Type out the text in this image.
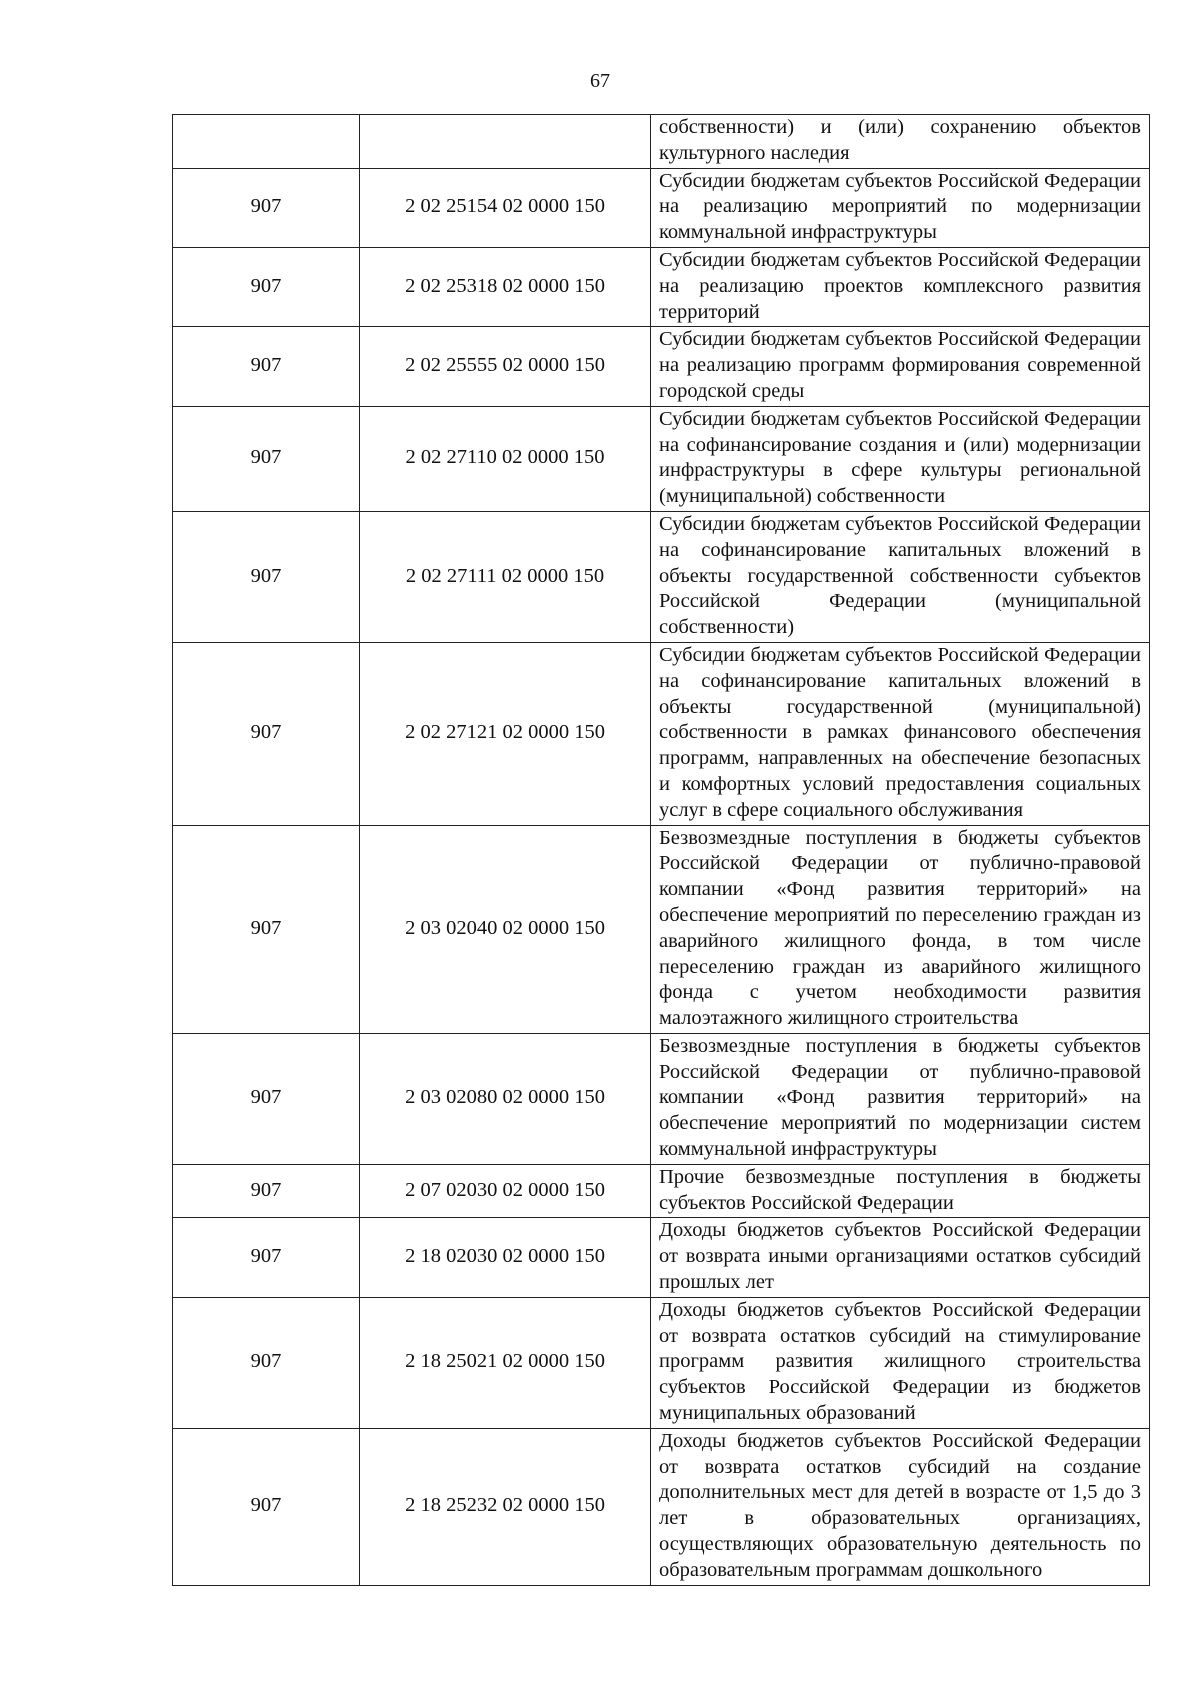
67
		собственности) и (или) сохранению объектов культурного наследия
907	2 02 25154 02 0000 150	Субсидии бюджетам субъектов Российской Федерации на реализацию мероприятий по модернизации коммунальной инфраструктуры
907	2 02 25318 02 0000 150	Субсидии бюджетам субъектов Российской Федерации на реализацию проектов комплексного развития территорий
907	2 02 25555 02 0000 150	Субсидии бюджетам субъектов Российской Федерации на реализацию программ формирования современной городской среды
907	2 02 27110 02 0000 150	Субсидии бюджетам субъектов Российской Федерации на софинансирование создания и (или) модернизации инфраструктуры в сфере культуры региональной (муниципальной) собственности
907	2 02 27111 02 0000 150	Субсидии бюджетам субъектов Российской Федерации на софинансирование капитальных вложений в объекты государственной собственности субъектов Российской Федерации (муниципальной собственности)
907	2 02 27121 02 0000 150	Субсидии бюджетам субъектов Российской Федерации на софинансирование капитальных вложений в объекты государственной (муниципальной) собственности в рамках финансового обеспечения программ, направленных на обеспечение безопасных и комфортных условий предоставления социальных услуг в сфере социального обслуживания
907	2 03 02040 02 0000 150	Безвозмездные поступления в бюджеты субъектов Российской Федерации от публично-правовой компании «Фонд развития территорий» на обеспечение мероприятий по переселению граждан из аварийного жилищного фонда, в том числе переселению граждан из аварийного жилищного фонда с учетом необходимости развития малоэтажного жилищного строительства
907	2 03 02080 02 0000 150	Безвозмездные поступления в бюджеты субъектов Российской Федерации от публично-правовой компании «Фонд развития территорий» на обеспечение мероприятий по модернизации систем коммунальной инфраструктуры
907	2 07 02030 02 0000 150	Прочие безвозмездные поступления в бюджеты субъектов Российской Федерации
907	2 18 02030 02 0000 150	Доходы бюджетов субъектов Российской Федерации от возврата иными организациями остатков субсидий прошлых лет
907	2 18 25021 02 0000 150	Доходы бюджетов субъектов Российской Федерации от возврата остатков субсидий на стимулирование программ развития жилищного строительства субъектов Российской Федерации из бюджетов муниципальных образований
907	2 18 25232 02 0000 150	Доходы бюджетов субъектов Российской Федерации от возврата остатков субсидий на создание дополнительных мест для детей в возрасте от 1,5 до 3 лет в образовательных организациях, осуществляющих образовательную деятельность по образовательным программам дошкольного
